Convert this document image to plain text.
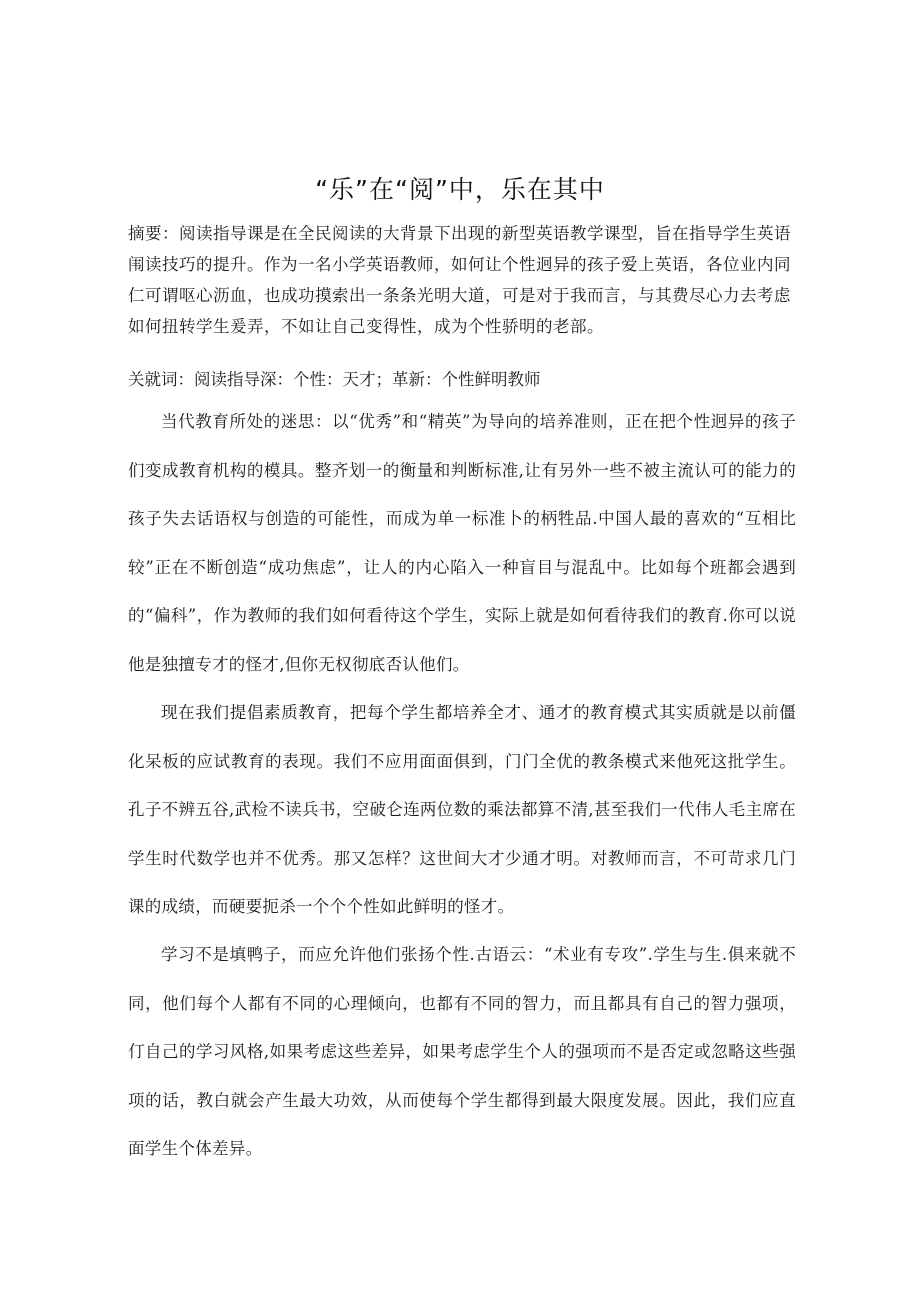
“乐”在“阅”中，乐在其中

摘要：阅读指导课是在全民阅读的大背景下出现的新型英语教学课型，旨在指导学生英语闱读技巧的提升。作为一名小学英语教师，如何让个性迥异的孩子爱上英语，各位业内同仁可谓呕心沥血，也成功摸索出一条条光明大道，可是对于我而言，与其费尽心力去考虑如何扭转学生爰弄，不如让自己变得性，成为个性骄明的老部。

关就词：阅读指导深：个性：天才；革新：个性鲜明教师

当代教育所处的迷思：以“优秀”和“精英”为导向的培养准则，正在把个性迥异的孩子们变成教育机构的模具。整齐划一的衡量和判断标准,让有另外一些不被主流认可的能力的孩子失去话语权与创造的可能性，而成为单一标准卜的柄牲品.中国人最的喜欢的“互相比较”正在不断创造“成功焦虑”，让人的内心陷入一种盲目与混乱中。比如每个班都会遇到的“偏科”，作为教师的我们如何看待这个学生，实际上就是如何看待我们的教育.你可以说他是独擅专才的怪才,但你无权彻底否认他们。

现在我们提倡素质教育，把每个学生都培养全才、通才的教育模式其实质就是以前僵化呆板的应试教育的表现。我们不应用面面俱到，门门全优的教条模式来他死这批学生。孔子不辨五谷,武检不读兵书，空破仑连两位数的乘法都算不清,甚至我们一代伟人毛主席在学生时代数学也并不优秀。那又怎样？这世间大才少通才明。对教师而言，不可苛求几门课的成绩，而硬要扼杀一个个个性如此鲜明的怪才。

学习不是填鸭子，而应允许他们张扬个性.古语云：“术业有专攻”.学生与生.俱来就不同，他们每个人都有不同的心理倾向，也都有不同的智力，而且都具有自己的智力强项，仃自己的学习风格,如果考虑这些差异，如果考虑学生个人的强项而不是否定或忽略这些强项的话，教白就会产生最大功效，从而使每个学生都得到最大限度发展。因此，我们应直面学生个体差异。
